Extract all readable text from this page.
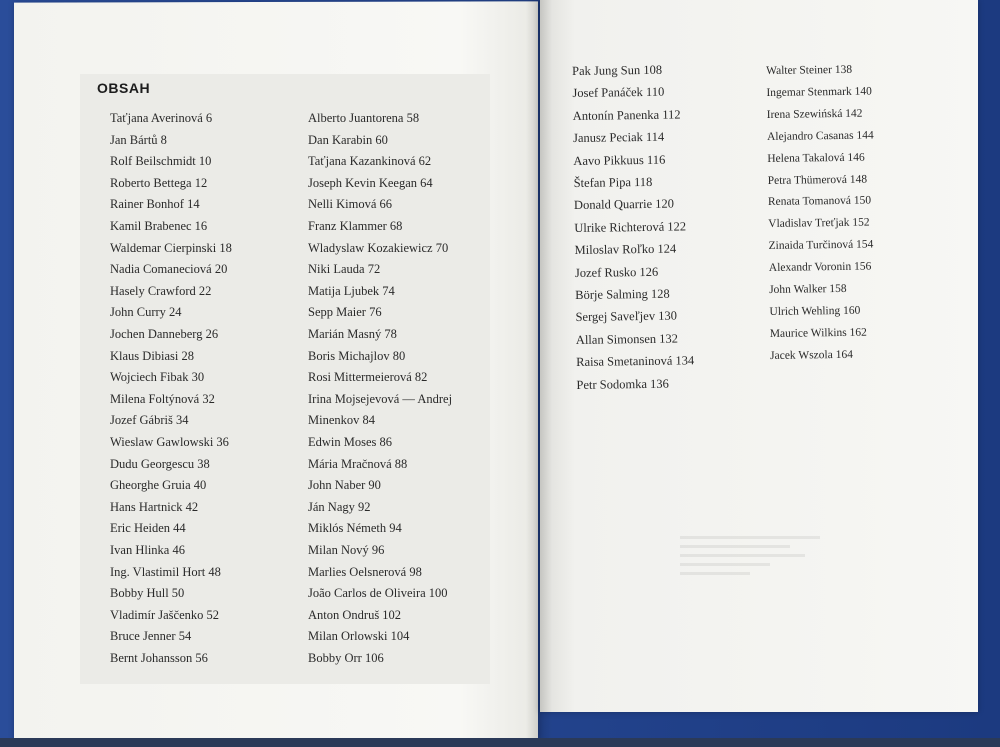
OBSAH
Taťjana Averinová 6
Jan Bártů 8
Rolf Beilschmidt 10
Roberto Bettega 12
Rainer Bonhof 14
Kamil Brabenec 16
Waldemar Cierpinski 18
Nadia Comaneciová 20
Hasely Crawford 22
John Curry 24
Jochen Danneberg 26
Klaus Dibiasi 28
Wojciech Fibak 30
Milena Foltýnová 32
Jozef Gábriš 34
Wieslaw Gawlowski 36
Dudu Georgescu 38
Gheorghe Gruia 40
Hans Hartnick 42
Eric Heiden 44
Ivan Hlinka 46
Ing. Vlastimil Hort 48
Bobby Hull 50
Vladimír Jaščenko 52
Bruce Jenner 54
Bernt Johansson 56
Alberto Juantorena 58
Dan Karabin 60
Taťjana Kazankinová 62
Joseph Kevin Keegan 64
Nelli Kimová 66
Franz Klammer 68
Wladyslaw Kozakiewicz 70
Niki Lauda 72
Matija Ljubek 74
Sepp Maier 76
Marián Masný 78
Boris Michajlov 80
Rosi Mittermeierová 82
Irina Mojsejevová — Andrej
Minenkov 84
Edwin Moses 86
Mária Mračnová 88
John Naber 90
Ján Nagy 92
Miklós Németh 94
Milan Nový 96
Marlies Oelsnerová 98
João Carlos de Oliveira 100
Anton Ondruš 102
Milan Orlowski 104
Bobby Orr 106
Pak Jung Sun 108
Josef Panáček 110
Antonín Panenka 112
Janusz Peciak 114
Aavo Pikkuus 116
Štefan Pipa 118
Donald Quarrie 120
Ulrike Richterová 122
Miloslav Roľko 124
Jozef Rusko 126
Börje Salming 128
Sergej Saveľjev 130
Allan Simonsen 132
Raisa Smetaninová 134
Petr Sodomka 136
Walter Steiner 138
Ingemar Stenmark 140
Irena Szewińská 142
Alejandro Casanas 144
Helena Takalová 146
Petra Thümerová 148
Renata Tomanová 150
Vladislav Treťjak 152
Zinaida Turčinová 154
Alexandr Voronin 156
John Walker 158
Ulrich Wehling 160
Maurice Wilkins 162
Jacek Wszola 164
